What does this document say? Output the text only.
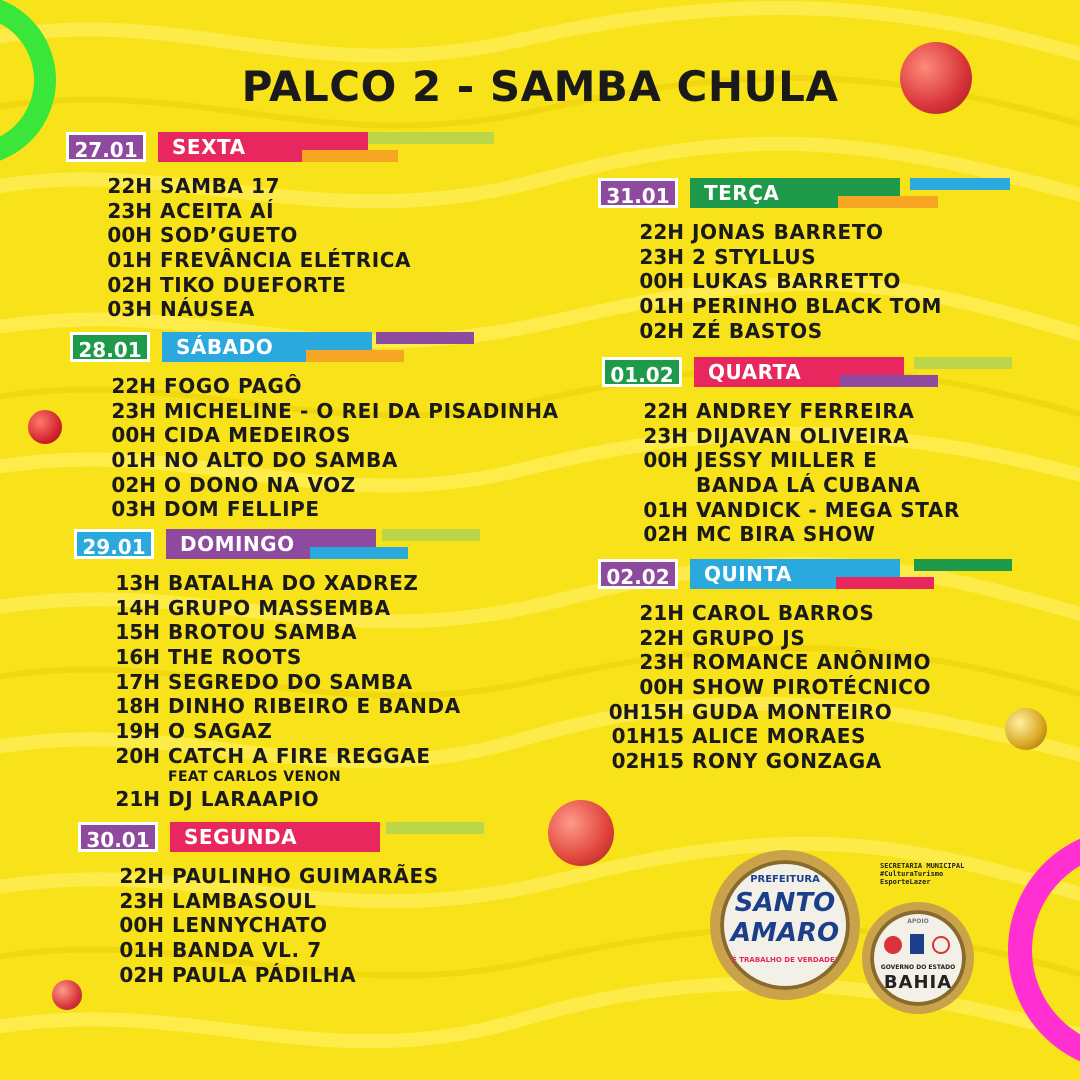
PALCO 2 - SAMBA CHULA
27.01	SEXTA
22H SAMBA 17
23H ACEITA AÍ
00H SOD’GUETO
01H FREVÂNCIA ELÉTRICA
02H TIKO DUEFORTE
03H NÁUSEA
28.01	SÁBADO
22H FOGO PAGÔ
23H MICHELINE - O REI DA PISADINHA
00H CIDA MEDEIROS
01H NO ALTO DO SAMBA
02H O DONO NA VOZ
03H DOM FELLIPE
29.01	DOMINGO
13H BATALHA DO XADREZ
14H GRUPO MASSEMBA
15H BROTOU SAMBA
16H THE ROOTS
17H SEGREDO DO SAMBA
18H DINHO RIBEIRO E BANDA
19H O SAGAZ
20H CATCH A FIRE REGGAE
FEAT CARLOS VENON
21H DJ LARAAPIO
30.01	SEGUNDA
22H PAULINHO GUIMARÃES
23H LAMBASOUL
00H LENNYCHATO
01H BANDA VL. 7
02H PAULA PÁDILHA
31.01	TERÇA
22H JONAS BARRETO
23H 2 STYLLUS
00H LUKAS BARRETTO
01H PERINHO BLACK TOM
02H ZÉ BASTOS
01.02	QUARTA
22H ANDREY FERREIRA
23H DIJAVAN OLIVEIRA
00H JESSY MILLER E
BANDA LÁ CUBANA
01H VANDICK - MEGA STAR
02H MC BIRA SHOW
02.02	QUINTA
21H CAROL BARROS
22H GRUPO JS
23H ROMANCE ANÔNIMO
00H SHOW PIROTÉCNICO
0H15H GUDA MONTEIRO
01H15 ALICE MORAES
02H15 RONY GONZAGA
PREFEITURA
SANTO
AMARO
É TRABALHO DE VERDADE!
SECRETARIA MUNICIPAL
#CulturaTurismo
EsporteLazer
APOIO
GOVERNO DO ESTADO
BAHIA
